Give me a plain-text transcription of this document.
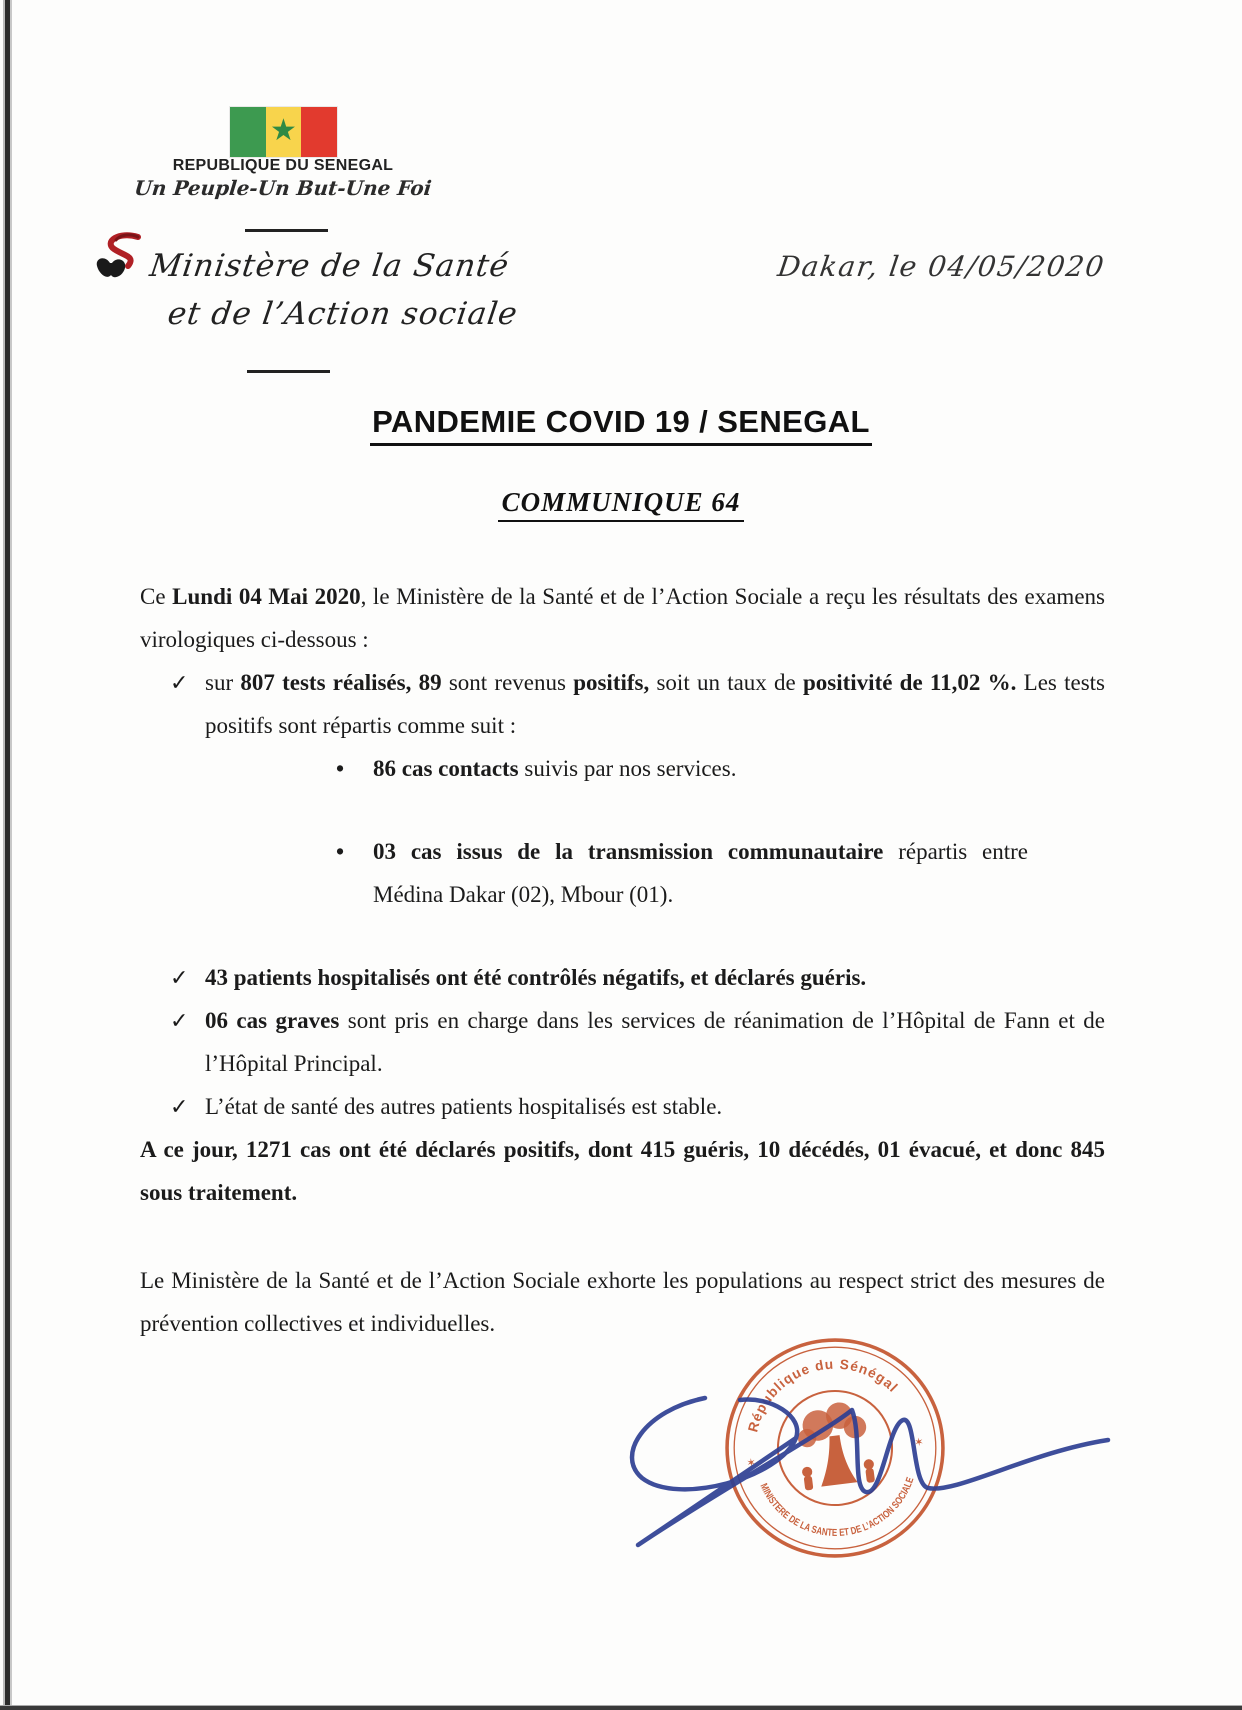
★
REPUBLIQUE DU SENEGAL
Un Peuple-Un But-Une Foi
Ministère de la Santé
et de l’Action sociale
Dakar, le 04/05/2020
PANDEMIE COVID 19 / SENEGAL
COMMUNIQUE 64
Ce Lundi 04 Mai 2020, le Ministère de la Santé et de l’Action Sociale a reçu les résultats des examens virologiques ci-dessous :
✓ sur 807 tests réalisés, 89 sont revenus positifs, soit un taux de positivité de 11,02 %. Les tests positifs sont répartis comme suit :
•	86 cas contacts suivis par nos services.
•	03 cas issus de la transmission communautaire répartis entre Médina Dakar (02), Mbour (01).
✓ 43 patients hospitalisés ont été contrôlés négatifs, et déclarés guéris.
✓ 06 cas graves sont pris en charge dans les services de réanimation de l’Hôpital de Fann et de l’Hôpital Principal.
✓ L’état de santé des autres patients hospitalisés est stable.
A ce jour, 1271 cas ont été déclarés positifs, dont 415 guéris, 10 décédés, 01 évacué, et donc 845 sous traitement.
Le Ministère de la Santé et de l’Action Sociale exhorte les populations au respect strict des mesures de prévention collectives et individuelles.
République du Sénégal
MINISTERE DE LA SANTE ET DE L’ACTION SOCIALE
✶
✶
